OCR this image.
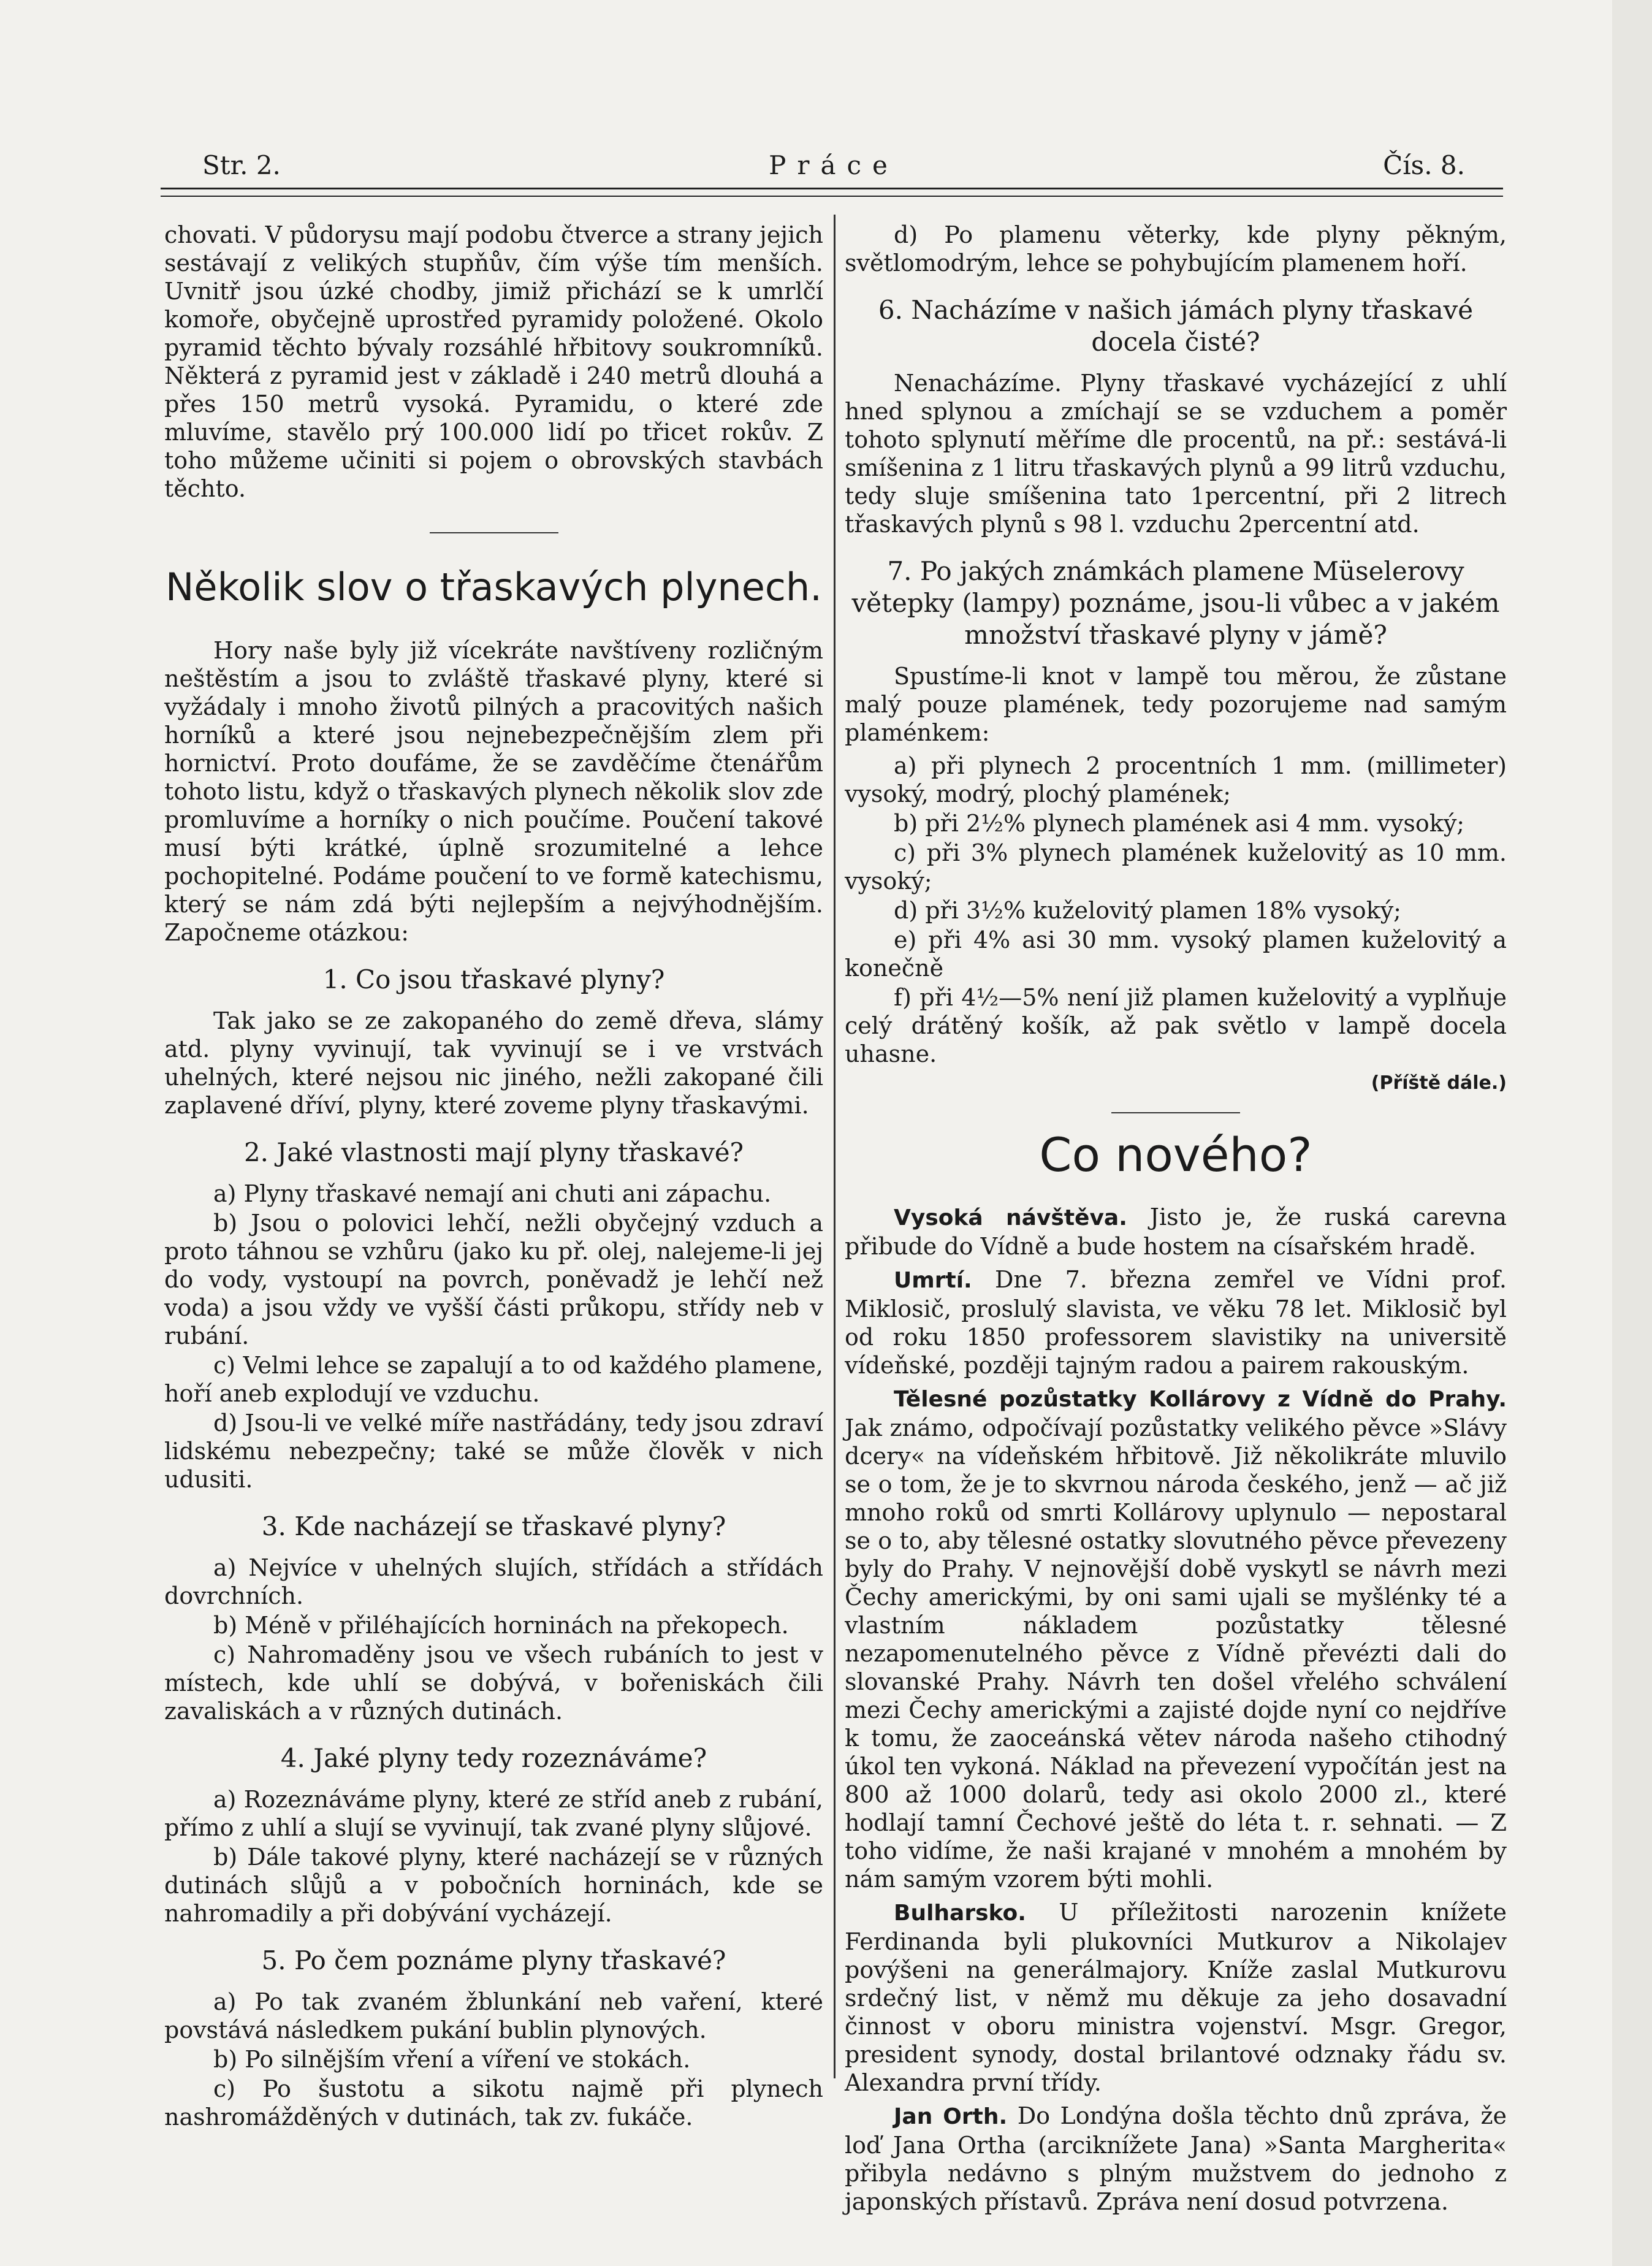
Práce
Str. 2.	Čís. 8.

chovati. V půdorysu mají podobu čtverce a strany jejich sestávají z velikých stupňův, čím výše tím menších. Uvnitř jsou úzké chodby, jimiž přichází se k umrlčí komoře, obyčejně uprostřed pyramidy položené. Okolo pyramid těchto bývaly rozsáhlé hřbitovy soukromníků. Některá z pyramid jest v základě i 240 metrů dlouhá a přes 150 metrů vysoká. Pyramidu, o které zde mluvíme, stavělo prý 100.000 lidí po třicet rokův. Z toho můžeme učiniti si pojem o obrovských stavbách těchto.

Několik slov o třaskavých plynech.

Hory naše byly již vícekráte navštíveny rozličným neštěstím a jsou to zvláště třaskavé plyny, které si vyžádaly i mnoho životů pilných a pracovitých našich horníků a které jsou nejnebezpečnějším zlem při hornictví. Proto doufáme, že se zavděčíme čtenářům tohoto listu, když o třaskavých plynech několik slov zde promluvíme a horníky o nich poučíme. Poučení takové musí býti krátké, úplně srozumitelné a lehce pochopitelné. Podáme poučení to ve formě katechismu, který se nám zdá býti nejlepším a nejvýhodnějším. Započneme otázkou:

1. Co jsou třaskavé plyny?

Tak jako se ze zakopaného do země dřeva, slámy atd. plyny vyvinují, tak vyvinují se i ve vrstvách uhelných, které nejsou nic jiného, nežli zakopané čili zaplavené dříví, plyny, které zoveme plyny třaskavými.

2. Jaké vlastnosti mají plyny třaskavé?

a) Plyny třaskavé nemají ani chuti ani zápachu.

b) Jsou o polovici lehčí, nežli obyčejný vzduch a proto táhnou se vzhůru (jako ku př. olej, nalejeme-li jej do vody, vystoupí na povrch, poněvadž je lehčí než voda) a jsou vždy ve vyšší části průkopu, střídy neb v rubání.

c) Velmi lehce se zapalují a to od každého plamene, hoří aneb explodují ve vzduchu.

d) Jsou-li ve velké míře nastřádány, tedy jsou zdraví lidskému nebezpečny; také se může člověk v nich udusiti.

3. Kde nacházejí se třaskavé plyny?

a) Nejvíce v uhelných slujích, střídách a střídách dovrchních.

b) Méně v přiléhajících horninách na překopech.

c) Nahromaděny jsou ve všech rubáních to jest v místech, kde uhlí se dobývá, v bořeniskách čili zavaliskách a v různých dutinách.

4. Jaké plyny tedy rozeznáváme?

a) Rozeznáváme plyny, které ze stříd aneb z rubání, přímo z uhlí a slují se vyvinují, tak zvané plyny slůjové.

b) Dále takové plyny, které nacházejí se v různých dutinách slůjů a v pobočních horninách, kde se nahromadily a při dobývání vycházejí.

5. Po čem poznáme plyny třaskavé?

a) Po tak zvaném žblunkání neb vaření, které povstává následkem pukání bublin plynových.

b) Po silnějším vření a víření ve stokách.

c) Po šustotu a sikotu najmě při plynech nashromážděných v dutinách, tak zv. fukáče.

d) Po plamenu věterky, kde plyny pěkným, světlomodrým, lehce se pohybujícím plamenem hoří.

6. Nacházíme v našich jámách plyny třaskavé docela čisté?

Nenacházíme. Plyny třaskavé vycházející z uhlí hned splynou a zmíchají se se vzduchem a poměr tohoto splynutí měříme dle procentů, na př.: sestává-li smíšenina z 1 litru třaskavých plynů a 99 litrů vzduchu, tedy sluje smíšenina tato 1percentní, při 2 litrech třaskavých plynů s 98 l. vzduchu 2percentní atd.

7. Po jakých známkách plamene Müselerovy větерky (lampy) poznáme, jsou-li vůbec a v jakém množství třaskavé plyny v jámě?

Spustíme-li knot v lampě tou měrou, že zůstane malý pouze plamének, tedy pozorujeme nad samým plaménkem:

a) při plynech 2 procentních 1 mm. (millimeter) vysoký, modrý, plochý plamének;

b) při 2½% plynech plamének asi 4 mm. vysoký;

c) při 3% plynech plamének kuželovitý as 10 mm. vysoký;

d) při 3½% kuželovitý plamen 18% vysoký;

e) při 4% asi 30 mm. vysoký plamen kuželovitý a konečně

f) při 4½—5% není již plamen kuželovitý a vyplňuje celý drátěný košík, až pak světlo v lampě docela uhasne.

(Příště dále.)

Co nového?

Vysoká návštěva. Jisto je, že ruská carevna přibude do Vídně a bude hostem na císařském hradě.

Umrtí. Dne 7. března zemřel ve Vídni prof. Miklosič, proslulý slavista, ve věku 78 let. Miklosič byl od roku 1850 professorem slavistiky na universitě vídeňské, později tajným radou a pairem rakouským.

Tělesné pozůstatky Kollárovy z Vídně do Prahy. Jak známo, odpočívají pozůstatky velikého pěvce »Slávy dcery« na vídeňském hřbitově. Již několikráte mluvilo se o tom, že je to skvrnou národa českého, jenž — ač již mnoho roků od smrti Kollárovy uplynulo — nepostaral se o to, aby tělesné ostatky slovutného pěvce převezeny byly do Prahy. V nejnovější době vyskytl se návrh mezi Čechy americkými, by oni sami ujali se myšlénky té a vlastním nákladem pozůstatky tělesné nezapomenutelného pěvce z Vídně převézti dali do slovanské Prahy. Návrh ten došel vřelého schválení mezi Čechy americkými a zajisté dojde nyní co nejdříve k tomu, že zaoceánská větev národa našeho ctihodný úkol ten vykoná. Náklad na převezení vypočítán jest na 800 až 1000 dolarů, tedy asi okolo 2000 zl., které hodlají tamní Čechové ještě do léta t. r. sehnati. — Z toho vidíme, že naši krajané v mnohém a mnohém by nám samým vzorem býti mohli.

Bulharsko. U příležitosti narozenin knížete Ferdinanda byli plukovníci Mutkurov a Nikolajev povýšeni na generálmajory. Kníže zaslal Mutkurovu srdečný list, v němž mu děkuje za jeho dosavadní činnost v oboru ministra vojenství. Msgr. Gregor, president synody, dostal brilantové odznaky řádu sv. Alexandra první třídy.

Jan Orth. Do Londýna došla těchto dnů zpráva, že loď Jana Ortha (arciknížete Jana) »Santa Margherita« přibyla nedávno s plným mužstvem do jednoho z japonských přístavů. Zpráva není dosud potvrzena.
